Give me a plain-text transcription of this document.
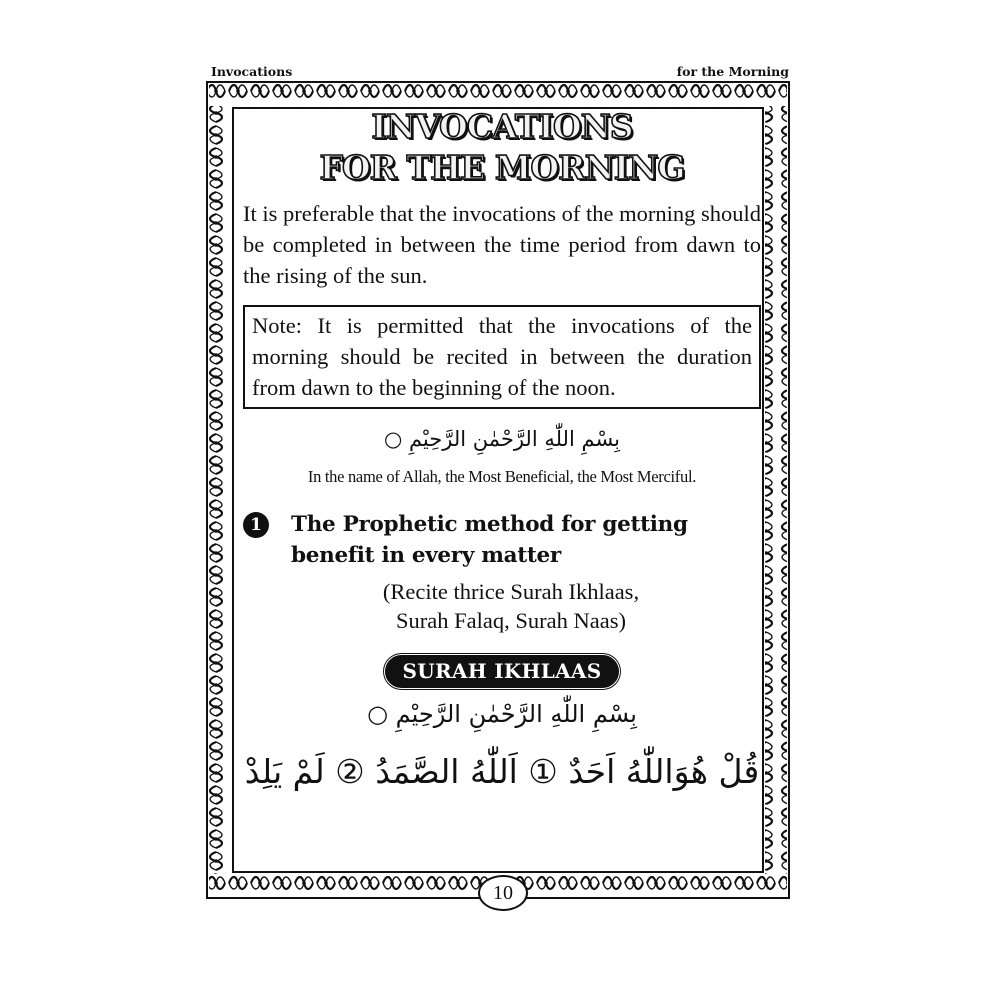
Invocations	for the Morning
INVOCATIONS
FOR THE MORNING
It is preferable that the invocations of the morning should be completed in between the time period from dawn to the rising of the sun.
Note: It is permitted that the invocations of the morning should be recited in between the duration from dawn to the beginning of the noon.
بِسْمِ اللّٰهِ الرَّحْمٰنِ الرَّحِيْمِ ○
In the name of Allah, the Most Beneficial, the Most Merciful.
1	The Prophetic method for getting benefit in every matter
(Recite thrice Surah Ikhlaas,
Surah Falaq, Surah Naas)
SURAH IKHLAAS
بِسْمِ اللّٰهِ الرَّحْمٰنِ الرَّحِيْمِ ○
قُلْ هُوَاللّٰهُ اَحَدٌ ① اَللّٰهُ الصَّمَدُ ② لَمْ يَلِدْ
10
